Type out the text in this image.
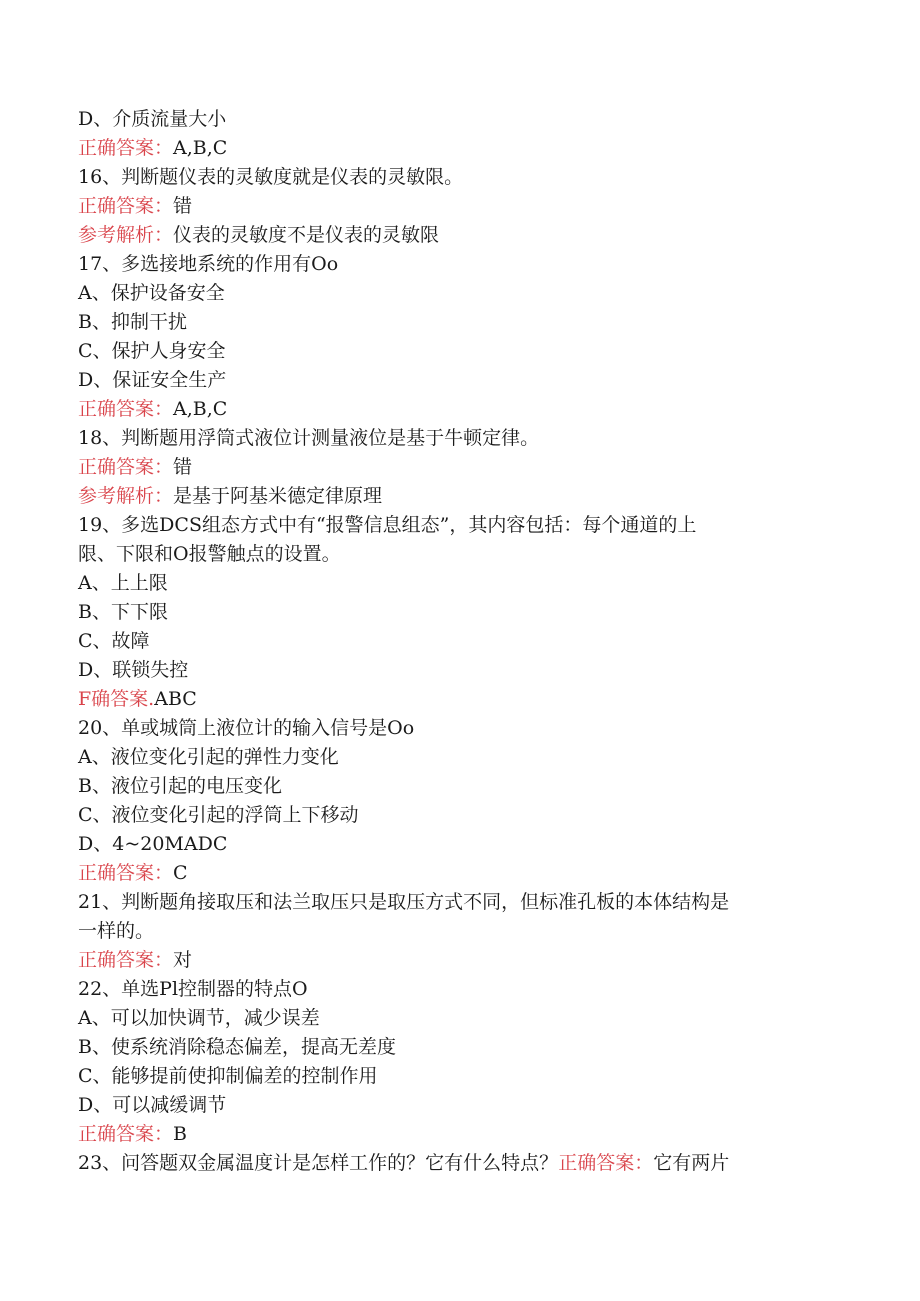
D、介质流量大小
正确答案：A,B,C
16、判断题仪表的灵敏度就是仪表的灵敏限。
正确答案：错
参考解析：仪表的灵敏度不是仪表的灵敏限
17、多选接地系统的作用有Oo
A、保护设备安全
B、抑制干扰
C、保护人身安全
D、保证安全生产
正确答案：A,B,C
18、判断题用浮筒式液位计测量液位是基于牛顿定律。
正确答案：错
参考解析：是基于阿基米德定律原理
19、多选DCS组态方式中有“报警信息组态”，其内容包括：每个通道的上
限、下限和O报警触点的设置。
A、上上限
B、下下限
C、故障
D、联锁失控
F确答案.ABC
20、单或城筒上液位计的输入信号是Oo
A、液位变化引起的弹性力变化
B、液位引起的电压变化
C、液位变化引起的浮筒上下移动
D、4~20MADC
正确答案：C
21、判断题角接取压和法兰取压只是取压方式不同，但标准孔板的本体结构是
一样的。
正确答案：对
22、单选Pl控制器的特点O
A、可以加快调节，减少误差
B、使系统消除稳态偏差，提高无差度
C、能够提前使抑制偏差的控制作用
D、可以减缓调节
正确答案：B
23、问答题双金属温度计是怎样工作的？它有什么特点？正确答案：它有两片
